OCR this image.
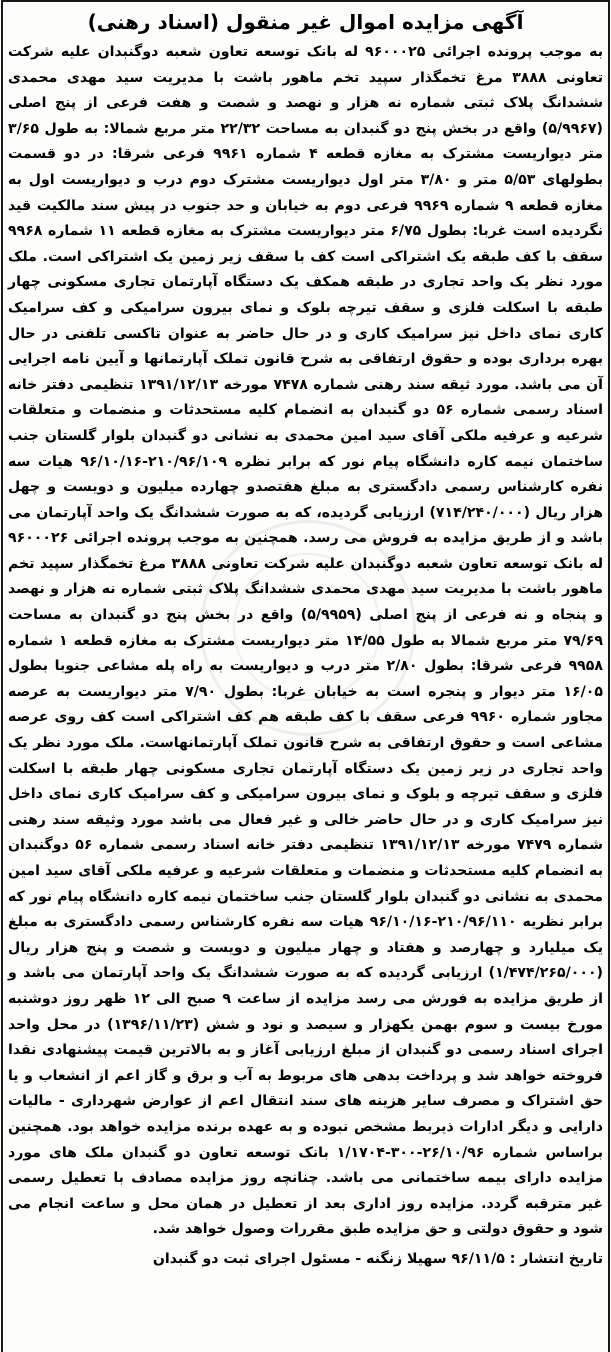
آگهی مزایده اموال غیر منقول (اسناد رهنی)

به موجب پرونده اجرائی ۹۶۰۰۰۲۵ له بانک توسعه تعاون شعبه دوگنبدان علیه شرکت تعاونی ۳۸۸۸ مرغ تخمگذار سپید تخم ماهور باشت با مدیریت سید مهدی محمدی ششدانگ پلاک ثبتی شماره نه هزار و نهصد و شصت و هفت فرعی از پنج اصلی (۵/۹۹۶۷) واقع در بخش پنج دو گنبدان به مساحت ۲۲/۳۲ متر مربع شمالا: به طول ۳/۶۵ متر دیواریست مشترک به مغازه قطعه ۴ شماره ۹۹۶۱ فرعی شرقا: در دو قسمت بطولهای ۵/۵۳ متر و ۳/۸۰ متر اول دیواریست مشترک دوم درب و دیواریست اول به مغازه قطعه ۹ شماره ۹۹۶۹ فرعی دوم به خیابان و حد جنوب در پیش سند مالکیت قید نگردیده است غربا: بطول ۶/۷۵ متر دیواریست مشترک به مغازه قطعه ۱۱ شماره ۹۹۶۸ سقف با کف طبقه یک اشتراکی است کف با سقف زیر زمین یک اشتراکی است. ملک مورد نظر یک واحد تجاری در طبقه همکف یک دستگاه آپارتمان تجاری مسکونی چهار طبقه با اسکلت فلزی و سقف تیرچه بلوک و نمای بیرون سرامیکی و کف سرامیک کاری نمای داخل نیز سرامیک کاری و در حال حاضر به عنوان تاکسی تلفنی در حال بهره برداری بوده و حقوق ارتفاقی به شرح قانون تملک آپارتمانها و آیین نامه اجرایی آن می باشد. مورد ثیقه سند رهنی شماره ۷۴۷۸ مورخه ۱۳۹۱/۱۲/۱۳ تنظیمی دفتر خانه اسناد رسمی شماره ۵۶ دو گنبدان به انضمام کلیه مستحدثات و منضمات و متعلقات شرعیه و عرفیه ملکی آقای سید امین محمدی به نشانی دو گنبدان بلوار گلستان جنب ساختمان نیمه کاره دانشگاه پیام نور که برابر نظره ۲۱۰/۹۶/۱۰۹-۹۶/۱۰/۱۶ هیات سه نفره کارشناس رسمی دادگستری به مبلغ هفتصدو چهارده میلیون و دویست و چهل هزار ریال (۷۱۴/۲۴۰/۰۰۰) ارزیابی گردیده، که به صورت ششدانگ یک واحد آپارتمان می باشد و از طریق مزایده به فروش می رسد. همچنین به موجب پرونده اجرائی ۹۶۰۰۰۲۶ له بانک توسعه تعاون شعبه دوگنبدان علیه شرکت تعاونی ۳۸۸۸ مرغ تخمگذار سپید تخم ماهور باشت با مدیریت سید مهدی محمدی ششدانگ پلاک ثبتی شماره نه هزار و نهصد و پنجاه و نه فرعی از پنج اصلی (۵/۹۹۵۹) واقع در بخش پنج دو گنبدان به مساحت ۷۹/۶۹ متر مربع شمالا به طول ۱۴/۵۵ متر دیواریست مشترک به مغازه قطعه ۱ شماره ۹۹۵۸ فرعی شرقا: بطول ۲/۸۰ متر درب و دیواریست به راه پله مشاعی جنوبا بطول ۱۶/۰۵ متر دیوار و پنجره است به خیابان غربا: بطول ۷/۹۰ متر دیواریست به عرصه مجاور شماره ۹۹۶۰ فرعی سقف با کف طبقه هم کف اشتراکی است کف روی عرصه مشاعی است و حقوق ارتفاقی به شرح قانون تملک آپارتمانهاست. ملک مورد نظر یک واحد تجاری در زیر زمین یک دستگاه آپارتمان تجاری مسکونی چهار طبقه با اسکلت فلزی و سقف تیرچه و بلوک و نمای بیرون سرامیکی و کف سرامیک کاری نمای داخل نیز سرامیک کاری و در حال حاضر خالی و غیر فعال می باشد مورد وثیقه سند رهنی شماره ۷۴۷۹ مورخه ۱۳۹۱/۱۲/۱۳ تنظیمی دفتر خانه اسناد رسمی شماره ۵۶ دوگنبدان به انضمام کلیه مستحدثات و منضمات و متعلقات شرعیه و عرفیه ملکی آقای سید امین محمدی به نشانی دو گنبدان بلوار گلستان جنب ساختمان نیمه کاره دانشگاه پیام نور که برابر نظریه ۲۱۰/۹۶/۱۱۰-۹۶/۱۰/۱۶ هیات سه نفره کارشناس رسمی دادگستری به مبلغ یک میلیارد و چهارصد و هفتاد و چهار میلیون و دویست و شصت و پنج هزار ریال (۱/۴۷۴/۲۶۵/۰۰۰) ارزیابی گردیده که به صورت ششدانگ یک واحد آپارتمان می باشد و از طریق مزایده به فورش می رسد مزایده از ساعت ۹ صبح الی ۱۲ ظهر روز دوشنبه مورخ بیست و سوم بهمن یکهزار و سیصد و نود و شش (۱۳۹۶/۱۱/۲۳) در محل واحد اجرای اسناد رسمی دو گنبدان از مبلغ ارزیابی آغاز و به بالاترین قیمت پیشنهادی نقدا فروخته خواهد شد و پرداخت بدهی های مربوط به آب و برق و گاز اعم از انشعاب و یا حق اشتراک و مصرف سایر هزینه های سند انتقال اعم از عوارض شهرداری - مالیات دارایی و دیگر ادارات ذیربط مشخص نبوده و به عهده برنده مزایده خواهد بود. همچنین براساس شماره ۲۶/۱۰/۹۶-۳۰۰-۱/۱۷۰۴ بانک توسعه تعاون دو گنبدان ملک های مورد مزایده دارای بیمه ساختمانی می باشد. چنانچه روز مزایده مصادف با تعطیل رسمی غیر مترقبه گردد. مزایده روز اداری بعد از تعطیل در همان محل و ساعت انجام می شود و حقوق دولتی و حق مزایده طبق مقررات وصول خواهد شد.

تاریخ انتشار : ۹۶/۱۱/۵ سهیلا زنگنه - مسئول اجرای ثبت دو گنبدان
